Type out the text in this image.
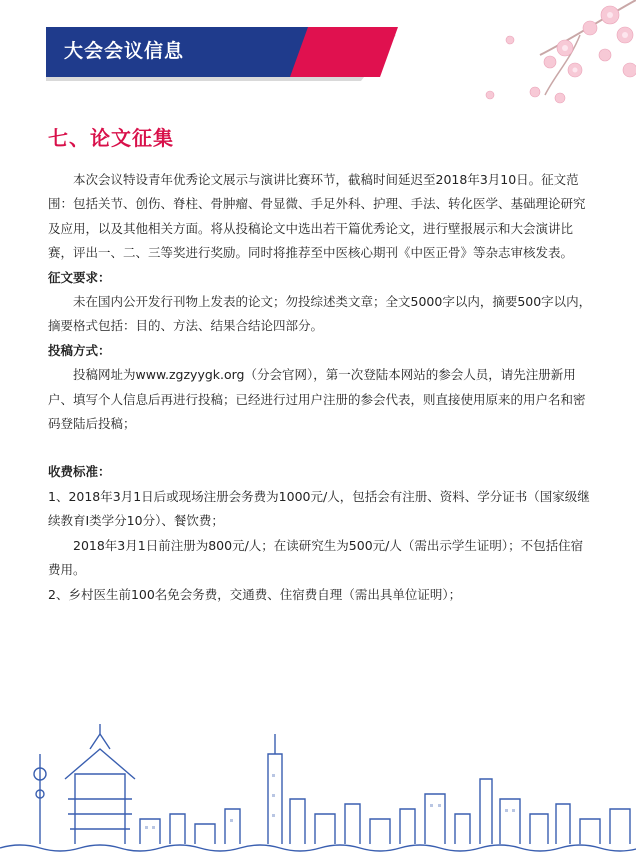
大会会议信息
七、论文征集

本次会议特设青年优秀论文展示与演讲比赛环节，截稿时间延迟至2018年3月10日。征文范围：包括关节、创伤、脊柱、骨肿瘤、骨显微、手足外科、护理、手法、转化医学、基础理论研究及应用，以及其他相关方面。将从投稿论文中选出若干篇优秀论文，进行壁报展示和大会演讲比赛，评出一、二、三等奖进行奖励。同时将推荐至中医核心期刊《中医正骨》等杂志审核发表。

征文要求：

未在国内公开发行刊物上发表的论文；勿投综述类文章；全文5000字以内，摘要500字以内，摘要格式包括：目的、方法、结果合结论四部分。

投稿方式：

投稿网址为www.zgzyygk.org（分会官网），第一次登陆本网站的参会人员，请先注册新用户、填写个人信息后再进行投稿；已经进行过用户注册的参会代表，则直接使用原来的用户名和密码登陆后投稿；

收费标准：

1、2018年3月1日后或现场注册会务费为1000元/人，包括会有注册、资料、学分证书（国家级继续教育I类学分10分）、餐饮费；

2018年3月1日前注册为800元/人；在读研究生为500元/人（需出示学生证明）；不包括住宿费用。

2、乡村医生前100名免会务费，交通费、住宿费自理（需出具单位证明）；
